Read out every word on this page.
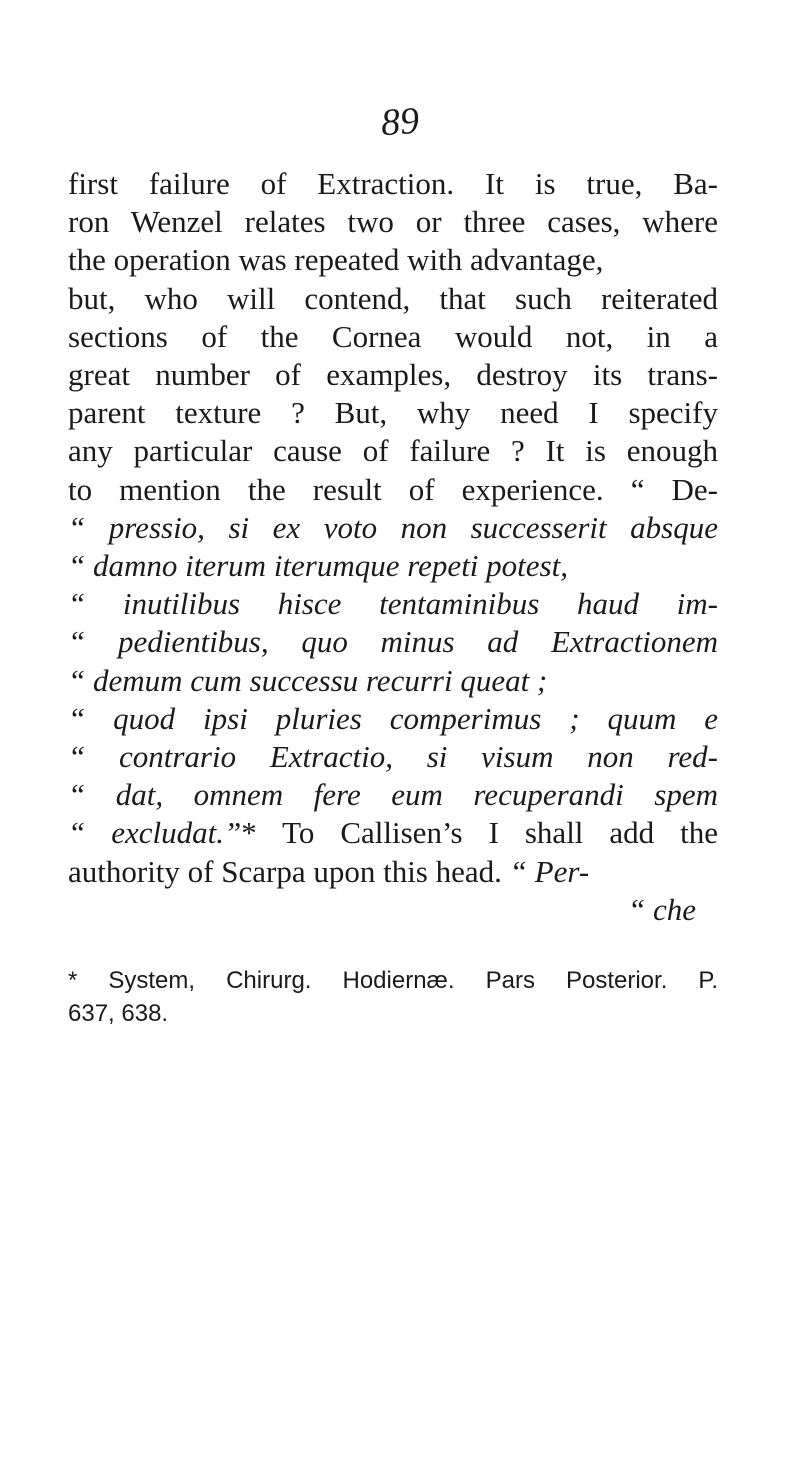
89
first failure of Extraction. It is true, Ba-
ron Wenzel relates two or three cases, where
the operation was repeated with advantage,
but, who will contend, that such reiterated
sections of the Cornea would not, in a
great number of examples, destroy its trans-
parent texture ? But, why need I specify
any particular cause of failure ? It is enough
to mention the result of experience. “ De-
“ pressio, si ex voto non successerit absque
“ damno iterum iterumque repeti potest,
“ inutilibus hisce tentaminibus haud im-
“ pedientibus, quo minus ad Extractionem
“ demum cum successu recurri queat ;
“ quod ipsi pluries comperimus ; quum e
“ contrario Extractio, si visum non red-
“ dat, omnem fere eum recuperandi spem
“ excludat.”* To Callisen’s I shall add the
authority of Scarpa upon this head. “ Per-
“ che
* System, Chirurg. Hodiernæ. Pars Posterior. P.
637, 638.
